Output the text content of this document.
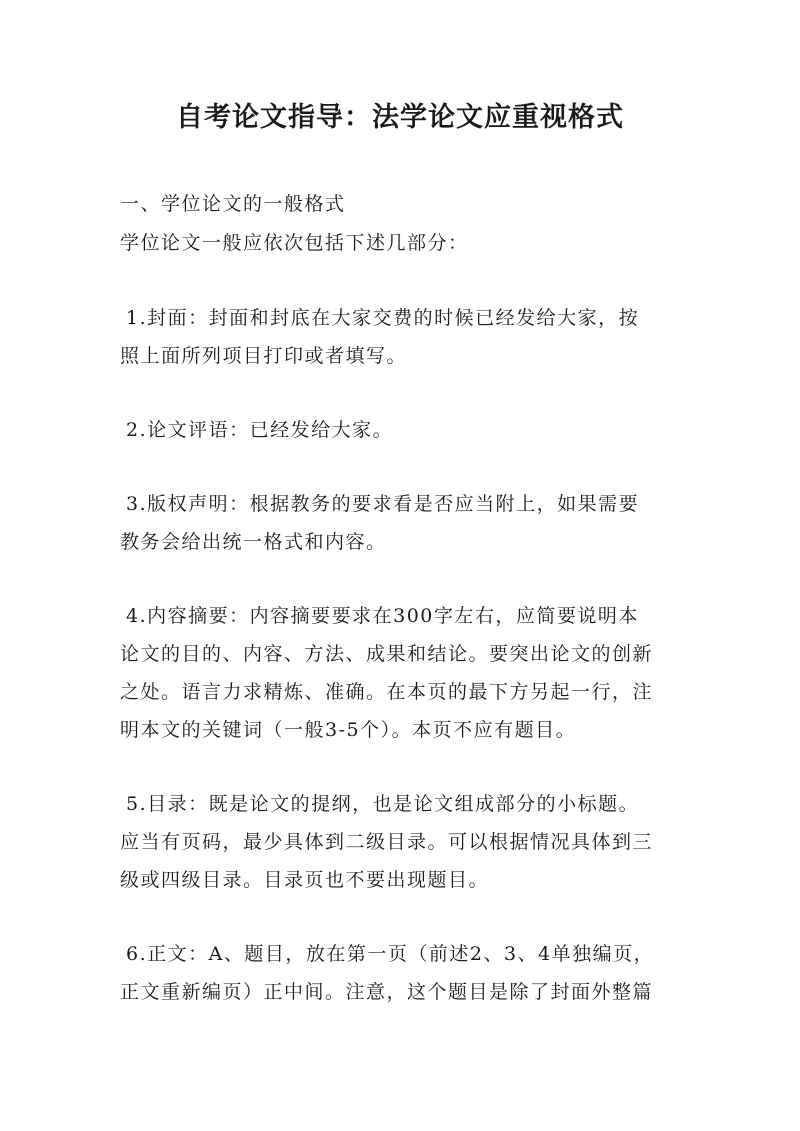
自考论文指导：法学论文应重视格式

一、学位论文的一般格式

学位论文一般应依次包括下述几部分：

1.封面：封面和封底在大家交费的时候已经发给大家，按

照上面所列项目打印或者填写。

2.论文评语：已经发给大家。

3.版权声明：根据教务的要求看是否应当附上，如果需要

教务会给出统一格式和内容。

4.内容摘要：内容摘要要求在300字左右，应简要说明本

论文的目的、内容、方法、成果和结论。要突出论文的创新

之处。语言力求精炼、准确。在本页的最下方另起一行，注

明本文的关键词（一般3-5个）。本页不应有题目。

5.目录：既是论文的提纲，也是论文组成部分的小标题。

应当有页码，最少具体到二级目录。可以根据情况具体到三

级或四级目录。目录页也不要出现题目。

6.正文：A、题目，放在第一页（前述2、3、4单独编页，

正文重新编页）正中间。注意，这个题目是除了封面外整篇
